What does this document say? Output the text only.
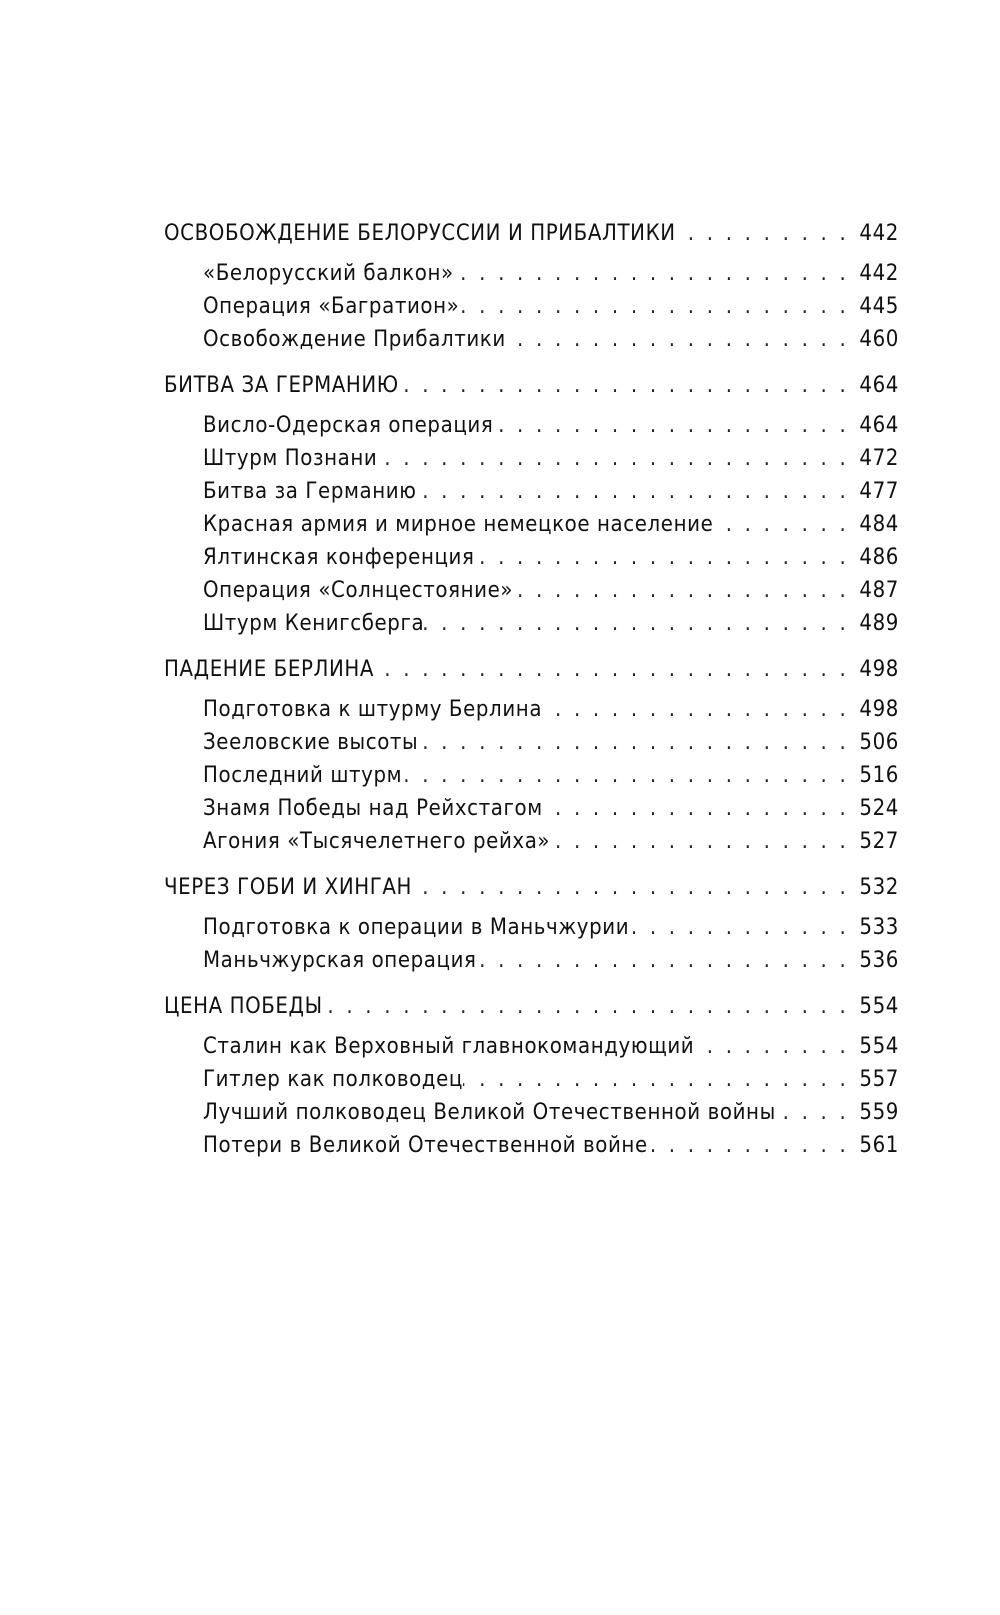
ОСВОБОЖДЕНИЕ БЕЛОРУССИИ И ПРИБАЛТИКИ . . .	442
«Белорусский балкон» . . .	442
Операция «Багратион» . . .	445
Освобождение Прибалтики . . .	460
БИТВА ЗА ГЕРМАНИЮ . . .	464
Висло-Одерская операция . . .	464
Штурм Познани . . .	472
Битва за Германию . . .	477
Красная армия и мирное немецкое население . . .	484
Ялтинская конференция . . .	486
Операция «Солнцестояние» . . .	487
Штурм Кенигсберга . . .	489
ПАДЕНИЕ БЕРЛИНА . . .	498
Подготовка к штурму Берлина . . .	498
Зееловские высоты . . .	506
Последний штурм . . .	516
Знамя Победы над Рейхстагом . . .	524
Агония «Тысячелетнего рейха» . . .	527
ЧЕРЕЗ ГОБИ И ХИНГАН . . .	532
Подготовка к операции в Маньчжурии . . .	533
Маньчжурская операция . . .	536
ЦЕНА ПОБЕДЫ . . .	554
Сталин как Верховный главнокомандующий . . .	554
Гитлер как полководец . . .	557
Лучший полководец Великой Отечественной войны . . .	559
Потери в Великой Отечественной войне . . .	561
